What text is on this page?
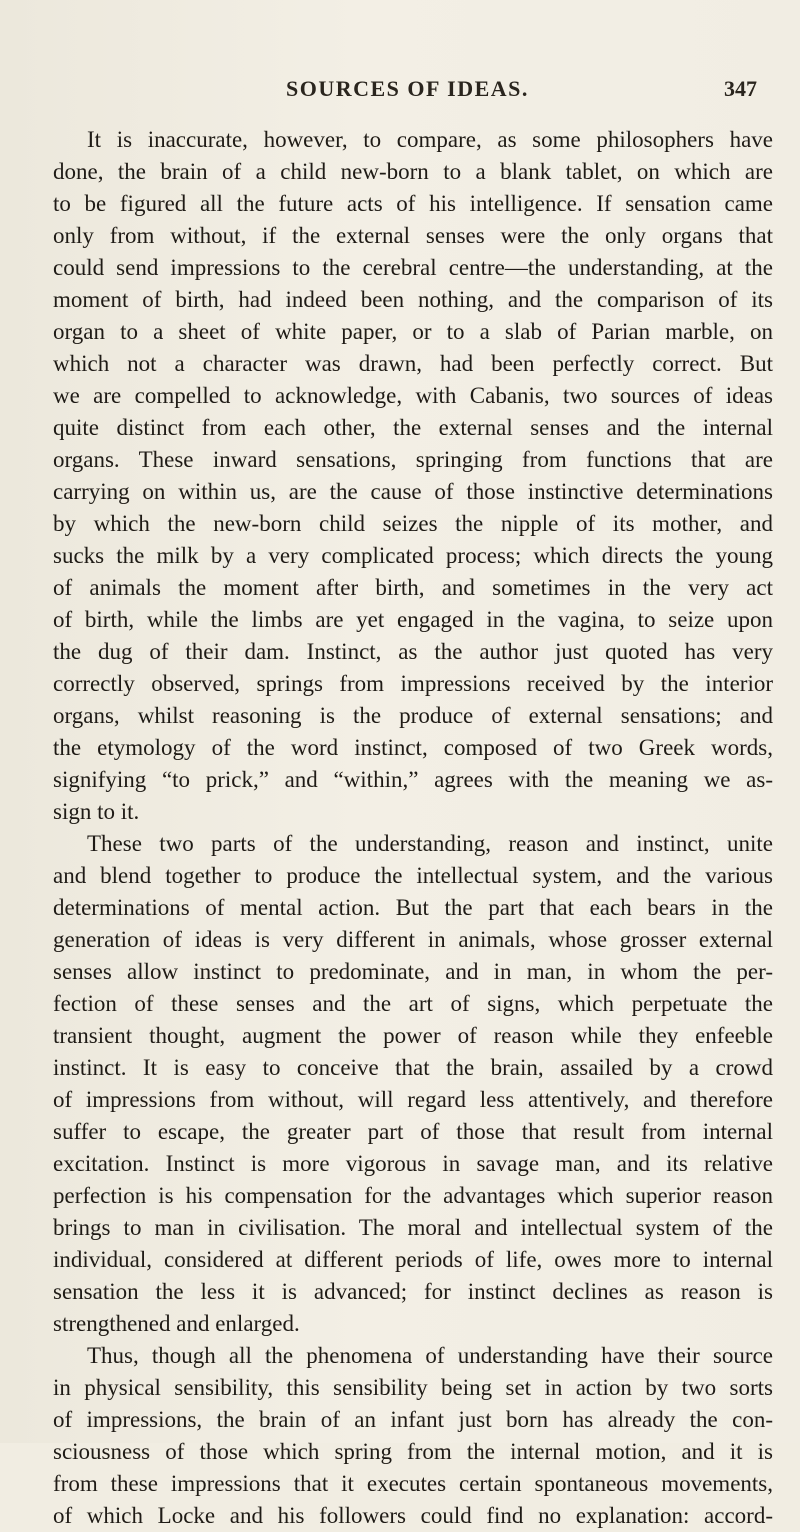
SOURCES OF IDEAS.	347
It is inaccurate, however, to compare, as some philosophers have
done, the brain of a child new-born to a blank tablet, on which are
to be figured all the future acts of his intelligence. If sensation came
only from without, if the external senses were the only organs that
could send impressions to the cerebral centre—the understanding, at the
moment of birth, had indeed been nothing, and the comparison of its
organ to a sheet of white paper, or to a slab of Parian marble, on
which not a character was drawn, had been perfectly correct. But
we are compelled to acknowledge, with Cabanis, two sources of ideas
quite distinct from each other, the external senses and the internal
organs. These inward sensations, springing from functions that are
carrying on within us, are the cause of those instinctive determinations
by which the new-born child seizes the nipple of its mother, and
sucks the milk by a very complicated process; which directs the young
of animals the moment after birth, and sometimes in the very act
of birth, while the limbs are yet engaged in the vagina, to seize upon
the dug of their dam. Instinct, as the author just quoted has very
correctly observed, springs from impressions received by the interior
organs, whilst reasoning is the produce of external sensations; and
the etymology of the word instinct, composed of two Greek words,
signifying “to prick,” and “within,” agrees with the meaning we as-
sign to it.
These two parts of the understanding, reason and instinct, unite
and blend together to produce the intellectual system, and the various
determinations of mental action. But the part that each bears in the
generation of ideas is very different in animals, whose grosser external
senses allow instinct to predominate, and in man, in whom the per-
fection of these senses and the art of signs, which perpetuate the
transient thought, augment the power of reason while they enfeeble
instinct. It is easy to conceive that the brain, assailed by a crowd
of impressions from without, will regard less attentively, and therefore
suffer to escape, the greater part of those that result from internal
excitation. Instinct is more vigorous in savage man, and its relative
perfection is his compensation for the advantages which superior reason
brings to man in civilisation. The moral and intellectual system of the
individual, considered at different periods of life, owes more to internal
sensation the less it is advanced; for instinct declines as reason is
strengthened and enlarged.
Thus, though all the phenomena of understanding have their source
in physical sensibility, this sensibility being set in action by two sorts
of impressions, the brain of an infant just born has already the con-
sciousness of those which spring from the internal motion, and it is
from these impressions that it executes certain spontaneous movements,
of which Locke and his followers could find no explanation: accord-
